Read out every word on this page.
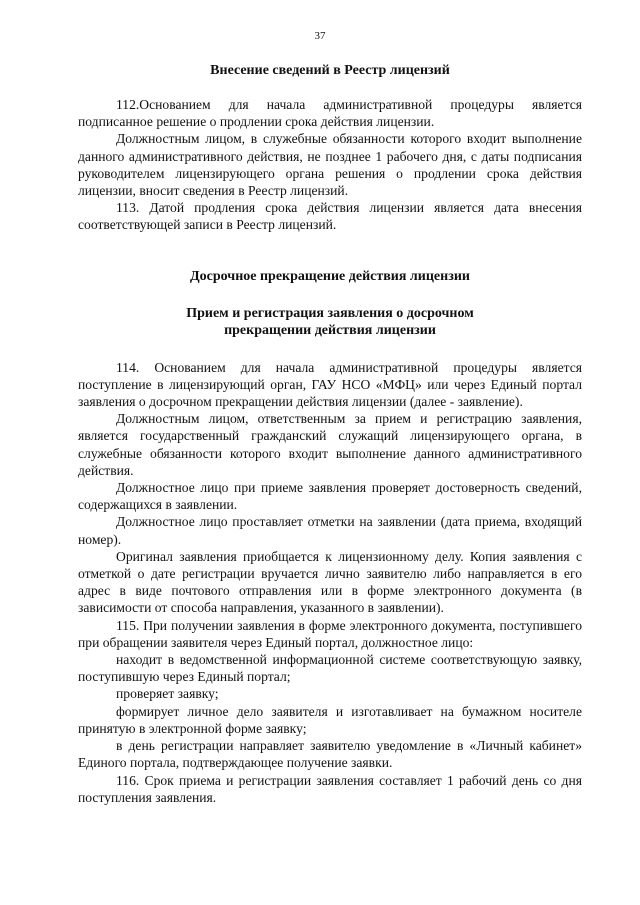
37
Внесение сведений в Реестр лицензий

112.Основанием для начала административной процедуры является подписанное решение о продлении срока действия лицензии.

Должностным лицом, в служебные обязанности которого входит выполнение данного административного действия, не позднее 1 рабочего дня, с даты подписания руководителем лицензирующего органа решения о продлении срока действия лицензии, вносит сведения в Реестр лицензий.

113. Датой продления срока действия лицензии является дата внесения соответствующей записи в Реестр лицензий.

Досрочное прекращение действия лицензии
Прием и регистрация заявления о досрочном
прекращении действия лицензии

114. Основанием для начала административной процедуры является поступление в лицензирующий орган, ГАУ НСО «МФЦ» или через Единый портал заявления о досрочном прекращении действия лицензии (далее - заявление).

Должностным лицом, ответственным за прием и регистрацию заявления, является государственный гражданский служащий лицензирующего органа, в служебные обязанности которого входит выполнение данного административного действия.

Должностное лицо при приеме заявления проверяет достоверность сведений, содержащихся в заявлении.

Должностное лицо проставляет отметки на заявлении (дата приема, входящий номер).

Оригинал заявления приобщается к лицензионному делу. Копия заявления с отметкой о дате регистрации вручается лично заявителю либо направляется в его адрес в виде почтового отправления или в форме электронного документа (в зависимости от способа направления, указанного в заявлении).

115. При получении заявления в форме электронного документа, поступившего при обращении заявителя через Единый портал, должностное лицо:

находит в ведомственной информационной системе соответствующую заявку, поступившую через Единый портал;

проверяет заявку;

формирует личное дело заявителя и изготавливает на бумажном носителе принятую в электронной форме заявку;

в день регистрации направляет заявителю уведомление в «Личный кабинет» Единого портала, подтверждающее получение заявки.

116. Срок приема и регистрации заявления составляет 1 рабочий день со дня поступления заявления.
